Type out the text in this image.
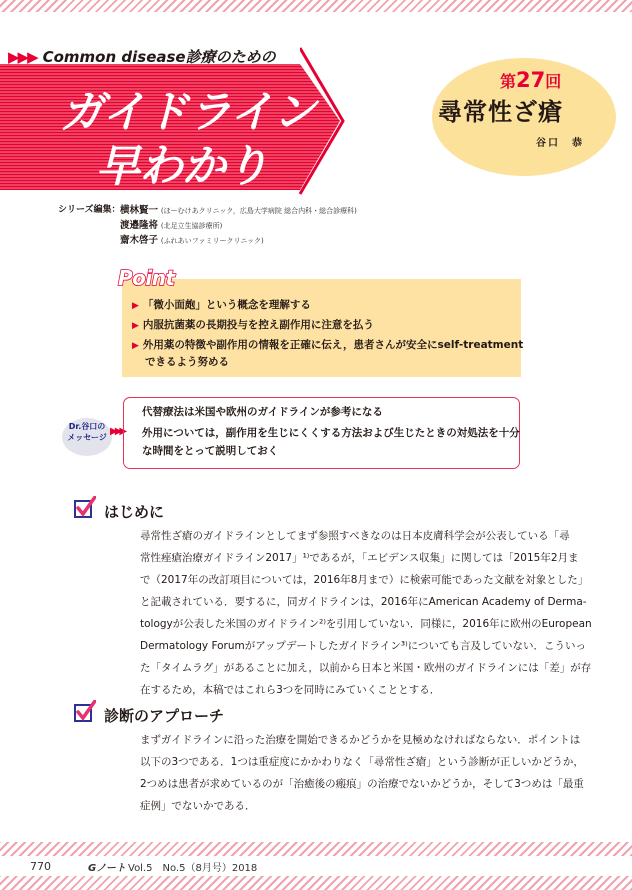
▶▶▶ Common disease診療のための
ガイドライン
早わかり
第27回
尋常性ざ瘡
谷口　恭
シリーズ編集： 横林賢一 (ほーむけあクリニック，広島大学病院 総合内科・総合診療科)
渡邉隆将 (北足立生協診療所)
齋木啓子 (ふれあいファミリークリニック)
Point
▶ 「微小面皰」という概念を理解する
▶ 内服抗菌薬の長期投与を控え副作用に注意を払う
▶ 外用薬の特徴や副作用の情報を正確に伝え，患者さんが安全にself-treatment
できるよう努める
Dr.谷口の
メッセージ
▶▶▶
代替療法は米国や欧州のガイドラインが参考になる
外用については，副作用を生じにくくする方法および生じたときの対処法を十分
な時間をとって説明しておく
はじめに
尋常性ざ瘡のガイドラインとしてまず参照すべきなのは日本皮膚科学会が公表している「尋
常性痤瘡治療ガイドライン2017」¹⁾であるが，「エビデンス収集」に関しては「2015年2月ま
で（2017年の改訂項目については，2016年8月まで）に検索可能であった文献を対象とした」
と記載されている．要するに，同ガイドラインは，2016年にAmerican Academy of Derma-
tologyが公表した米国のガイドライン²⁾を引用していない．同様に，2016年に欧州のEuropean
Dermatology Forumがアップデートしたガイドライン³⁾についても言及していない．こういっ
た「タイムラグ」があることに加え，以前から日本と米国・欧州のガイドラインには「差」が存
在するため，本稿ではこれら3つを同時にみていくこととする．
診断のアプローチ
まずガイドラインに沿った治療を開始できるかどうかを見極めなければならない．ポイントは
以下の3つである．1つは重症度にかかわりなく「尋常性ざ瘡」という診断が正しいかどうか，
2つめは患者が求めているのが「治癒後の瘢痕」の治療でないかどうか，そして3つめは「最重
症例」でないかである．
770	Gノート Vol.5　No.5（8月号）2018
